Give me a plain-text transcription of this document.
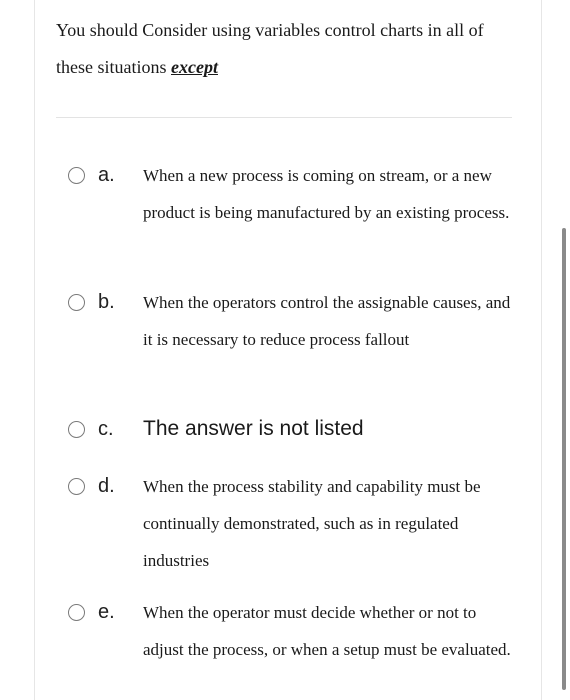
You should Consider using variables control charts in all of these situations except
a. When a new process is coming on stream, or a new product is being manufactured by an existing process.
b. When the operators control the assignable causes, and it is necessary to reduce process fallout
c. The answer is not listed
d. When the process stability and capability must be continually demonstrated, such as in regulated industries
e. When the operator must decide whether or not to adjust the process, or when a setup must be evaluated.
